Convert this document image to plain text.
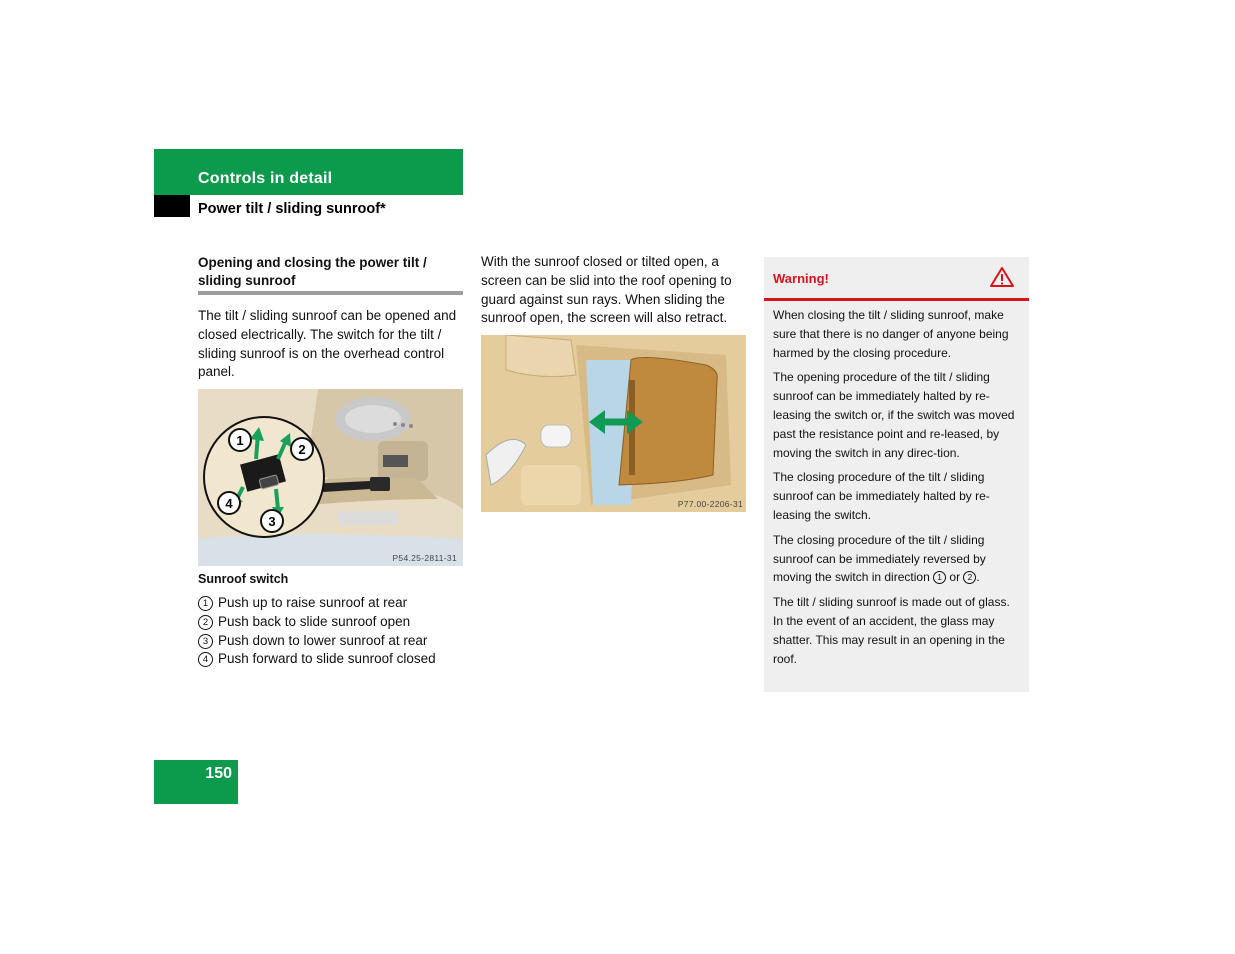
Controls in detail
Power tilt / sliding sunroof*
Opening and closing the power tilt / sliding sunroof
The tilt / sliding sunroof can be opened and closed electrically. The switch for the tilt / sliding sunroof is on the overhead control panel.
1
2
3
4
P54.25-2811-31
Sunroof switch
1 Push up to raise sunroof at rear
2 Push back to slide sunroof open
3 Push down to lower sunroof at rear
4 Push forward to slide sunroof closed
With the sunroof closed or tilted open, a screen can be slid into the roof opening to guard against sun rays. When sliding the sunroof open, the screen will also retract.
P77.00-2206-31
Warning!

When closing the tilt / sliding sunroof, make sure that there is no danger of anyone being harmed by the closing procedure.

The opening procedure of the tilt / sliding sunroof can be immediately halted by re-leasing the switch or, if the switch was moved past the resistance point and re-leased, by moving the switch in any direc-tion.

The closing procedure of the tilt / sliding sunroof can be immediately halted by re-leasing the switch.

The closing procedure of the tilt / sliding sunroof can be immediately reversed by moving the switch in direction 1 or 2 .

The tilt / sliding sunroof is made out of glass. In the event of an accident, the glass may shatter. This may result in an opening in the roof.

150
